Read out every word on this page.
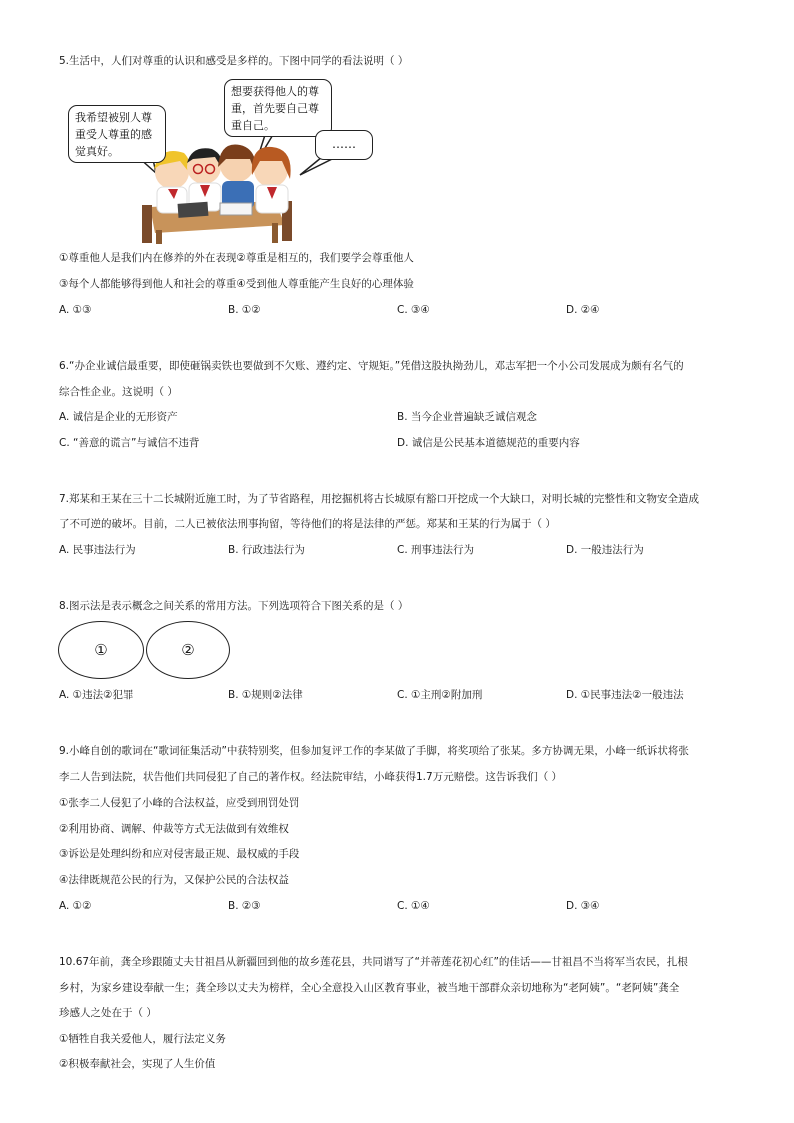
5.生活中，人们对尊重的认识和感受是多样的。下图中同学的看法说明（ ）
我希望被别人尊
重受人尊重的感
觉真好。
想要获得他人的尊
重，首先要自己尊
重自己。
……
①尊重他人是我们内在修养的外在表现②尊重是相互的，我们要学会尊重他人
③每个人都能够得到他人和社会的尊重④受到他人尊重能产生良好的心理体验
A. ①③	B. ①②	C. ③④	D. ②④
6.“办企业诚信最重要，即使砸锅卖铁也要做到不欠账、遵约定、守规矩。”凭借这股执拗劲儿，邓志军把一个小公司发展成为颇有名气的
综合性企业。这说明（ ）
A. 诚信是企业的无形资产	B. 当今企业普遍缺乏诚信观念
C. “善意的谎言”与诚信不违背	D. 诚信是公民基本道德规范的重要内容
7.郑某和王某在三十二长城附近施工时，为了节省路程，用挖掘机将古长城原有豁口开挖成一个大缺口，对明长城的完整性和文物安全造成
了不可逆的破坏。目前，二人已被依法刑事拘留，等待他们的将是法律的严惩。郑某和王某的行为属于（ ）
A. 民事违法行为	B. 行政违法行为	C. 刑事违法行为	D. 一般违法行为
8.图示法是表示概念之间关系的常用方法。下列选项符合下图关系的是（ ）
①	②
A. ①违法②犯罪	B. ①规则②法律	C. ①主刑②附加刑	D. ①民事违法②一般违法
9.小峰自创的歌词在“歌词征集活动”中获特别奖，但参加复评工作的李某做了手脚，将奖项给了张某。多方协调无果，小峰一纸诉状将张
李二人告到法院，状告他们共同侵犯了自己的著作权。经法院审结，小峰获得1.7万元赔偿。这告诉我们（ ）
①张李二人侵犯了小峰的合法权益，应受到刑罚处罚
②利用协商、调解、仲裁等方式无法做到有效维权
③诉讼是处理纠纷和应对侵害最正规、最权威的手段
④法律既规范公民的行为，又保护公民的合法权益
A. ①②	B. ②③	C. ①④	D. ③④
10.67年前，龚全珍跟随丈夫甘祖昌从新疆回到他的故乡莲花县，共同谱写了“并蒂莲花初心红”的佳话——甘祖昌不当将军当农民，扎根
乡村，为家乡建设奉献一生；龚全珍以丈夫为榜样，全心全意投入山区教育事业，被当地干部群众亲切地称为“老阿姨”。“老阿姨”龚全
珍感人之处在于（ ）
①牺牲自我关爱他人，履行法定义务
②积极奉献社会，实现了人生价值
